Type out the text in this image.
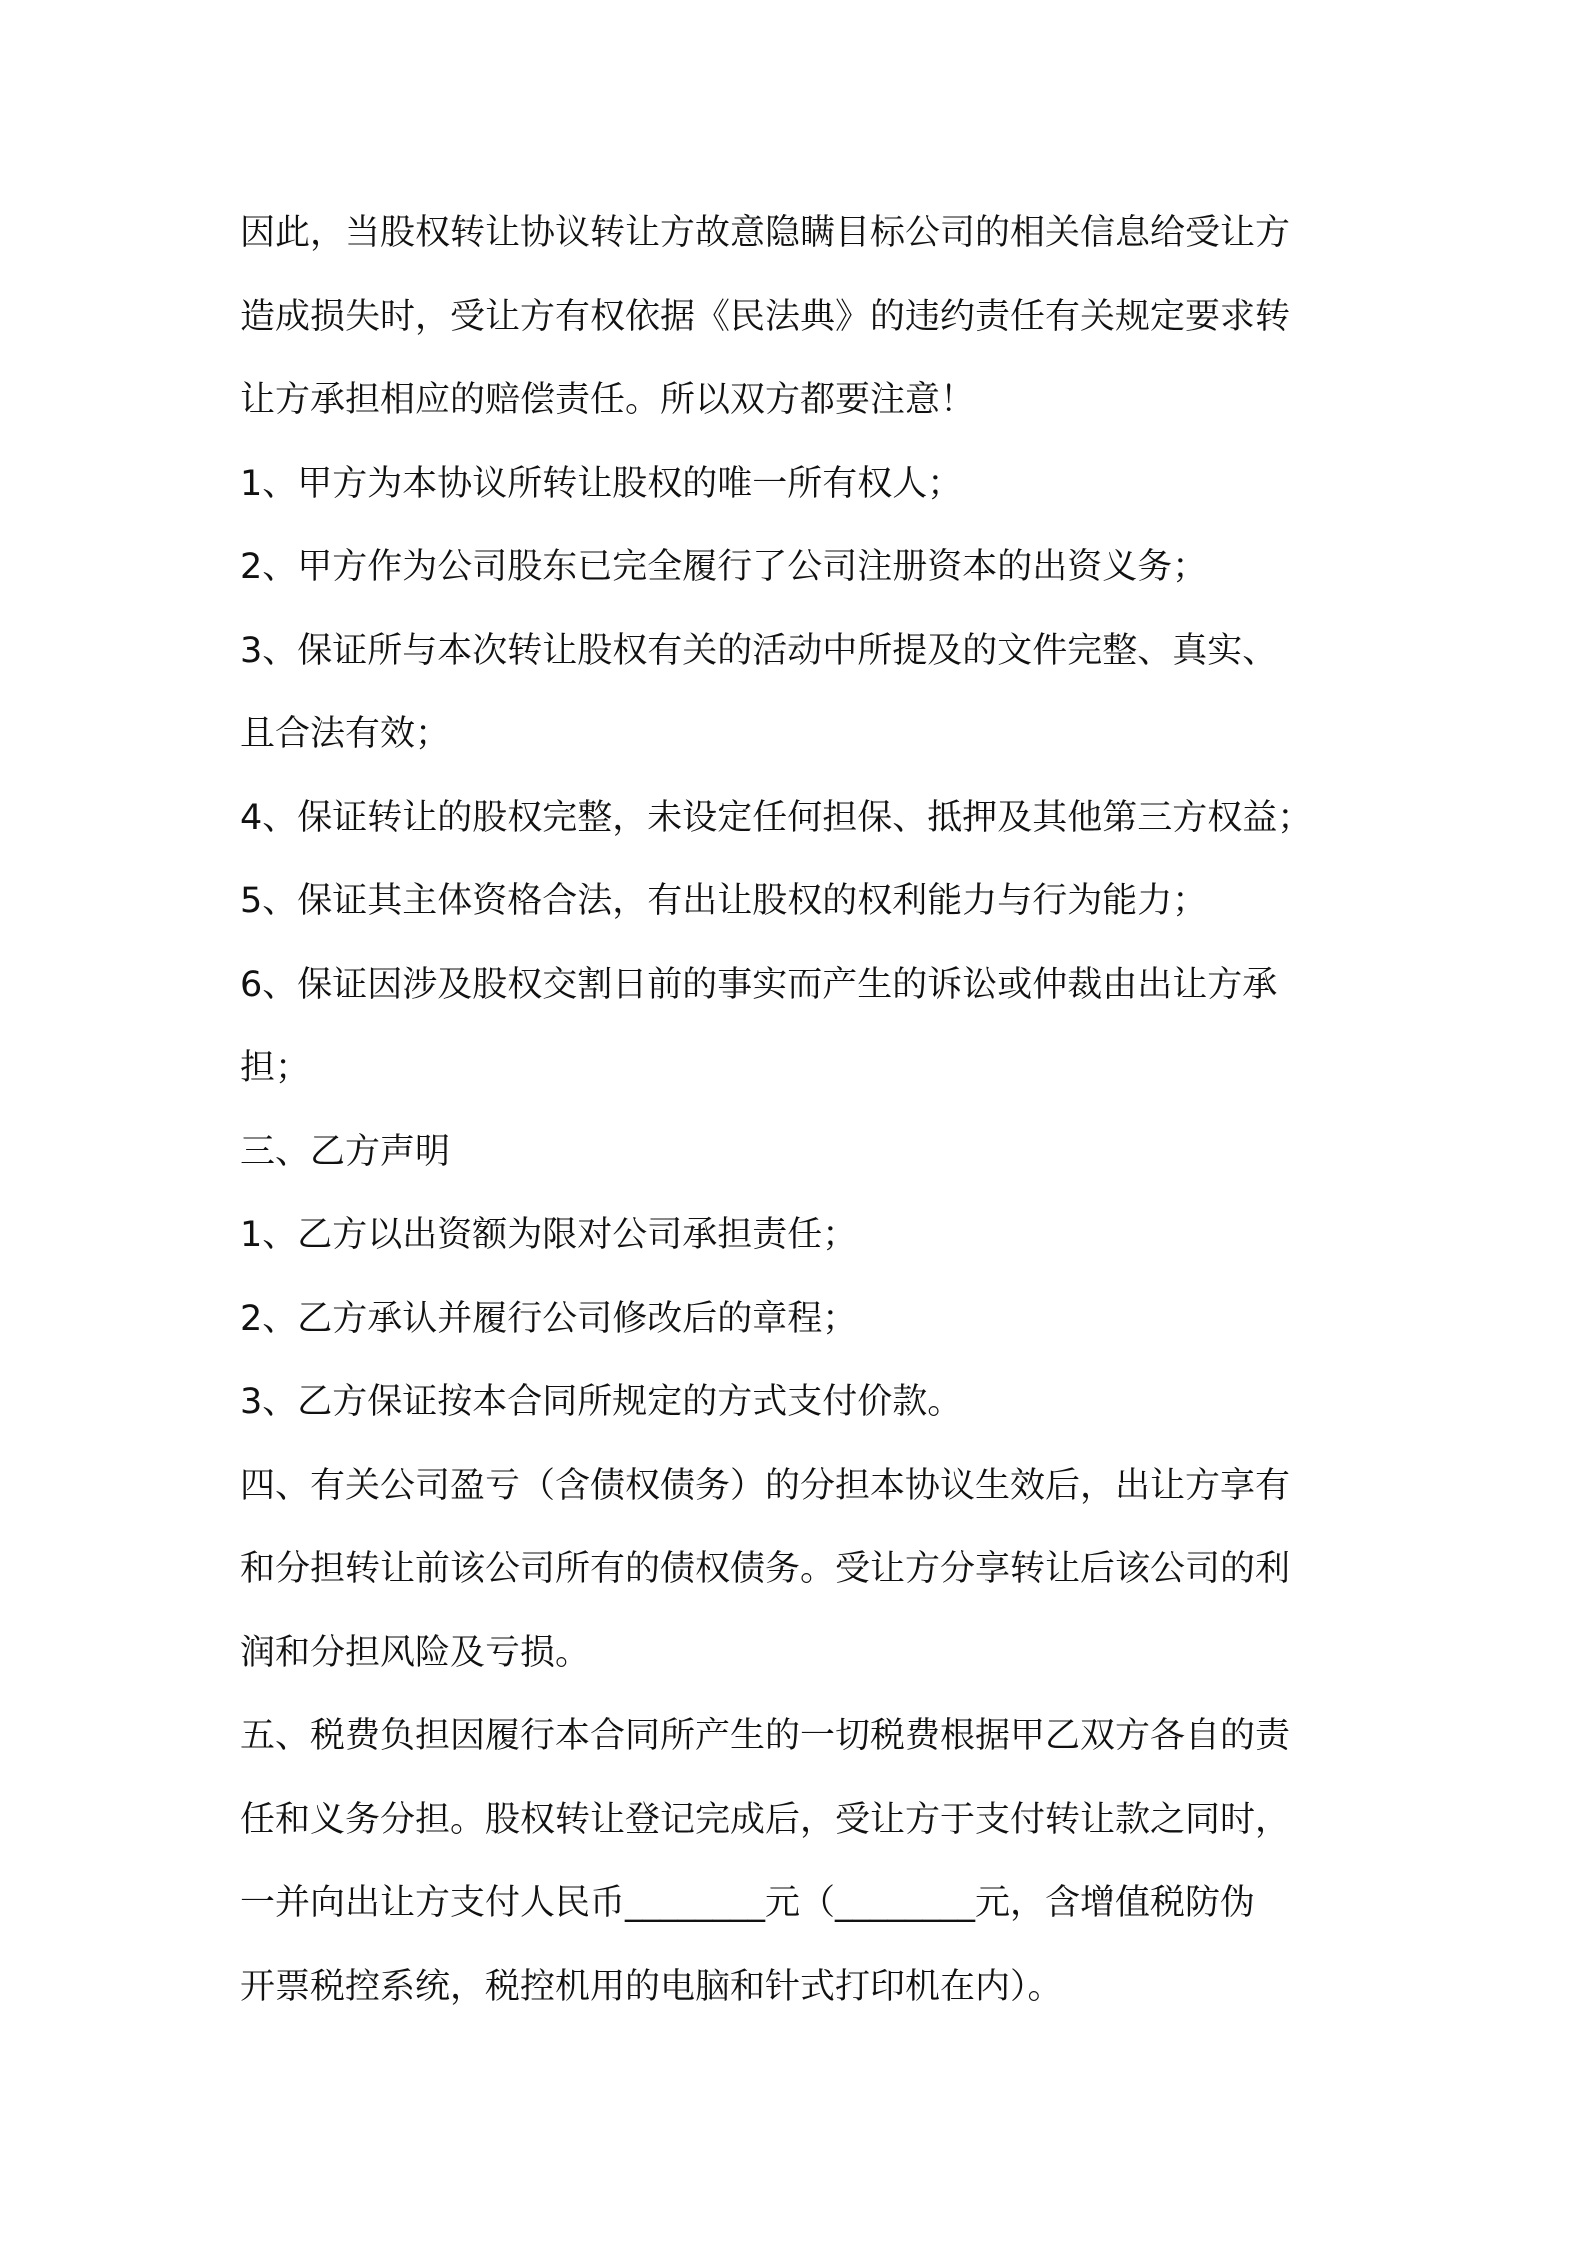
因此，当股权转让协议转让方故意隐瞒目标公司的相关信息给受让方
造成损失时，受让方有权依据《民法典》的违约责任有关规定要求转
让方承担相应的赔偿责任。所以双方都要注意！

1、甲方为本协议所转让股权的唯一所有权人；

2、甲方作为公司股东已完全履行了公司注册资本的出资义务；

3、保证所与本次转让股权有关的活动中所提及的文件完整、真实、
且合法有效；

4、保证转让的股权完整，未设定任何担保、抵押及其他第三方权益；

5、保证其主体资格合法，有出让股权的权利能力与行为能力；

6、保证因涉及股权交割日前的事实而产生的诉讼或仲裁由出让方承
担；

三、乙方声明

1、乙方以出资额为限对公司承担责任；

2、乙方承认并履行公司修改后的章程；

3、乙方保证按本合同所规定的方式支付价款。

四、有关公司盈亏（含债权债务）的分担本协议生效后，出让方享有
和分担转让前该公司所有的债权债务。受让方分享转让后该公司的利
润和分担风险及亏损。

五、税费负担因履行本合同所产生的一切税费根据甲乙双方各自的责
任和义务分担。股权转让登记完成后，受让方于支付转让款之同时，
一并向出让方支付人民币________元（________元，含增值税防伪
开票税控系统，税控机用的电脑和针式打印机在内）。
